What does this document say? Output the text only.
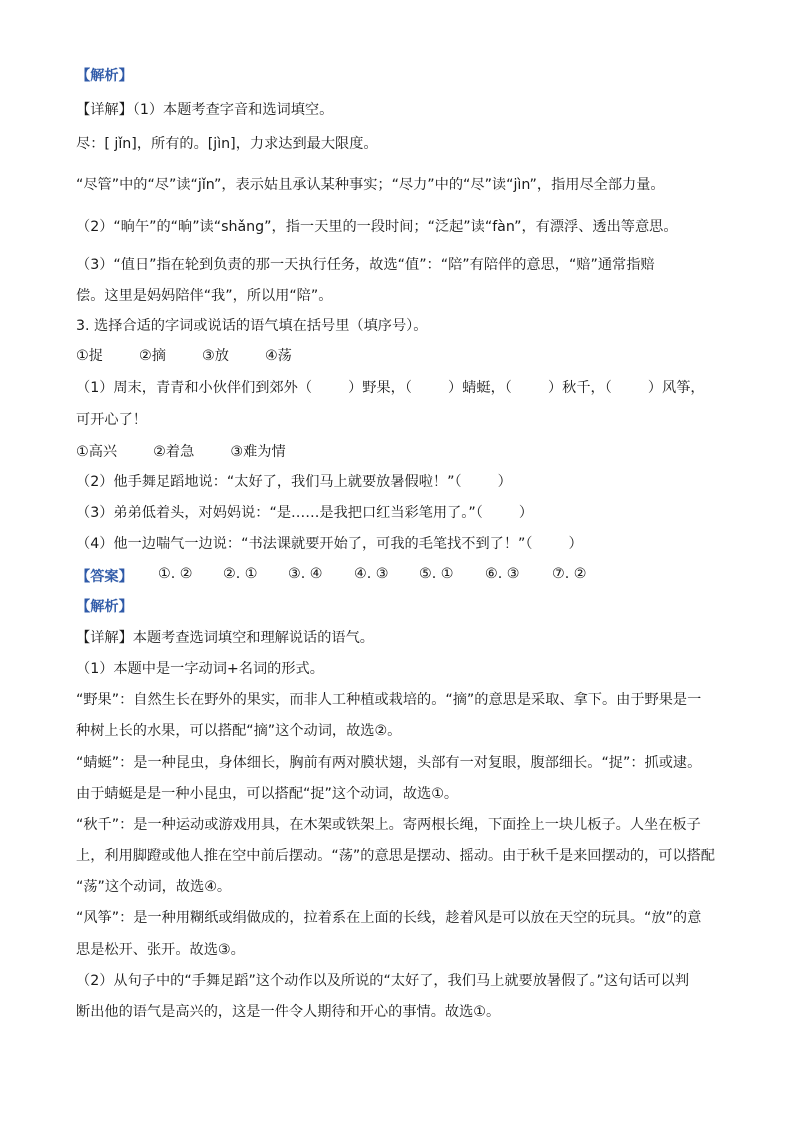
【解析】
【详解】（1）本题考查字音和选词填空。
尽：[ jǐn]，所有的。[jìn]，力求达到最大限度。
“尽管”中的“尽”读“jǐn”，表示姑且承认某种事实；“尽力”中的“尽”读“jìn”，指用尽全部力量。
（2）“晌午”的“晌”读“shǎng”，指一天里的一段时间；“泛起”读“fàn”，有漂浮、透出等意思。
（3）“值日”指在轮到负责的那一天执行任务，故选“值”：“陪”有陪伴的意思，“赔”通常指赔
偿。这里是妈妈陪伴“我”，所以用“陪”。
3. 选择合适的字词或说话的语气填在括号里（填序号）。
①捉        ②摘        ③放        ④荡
（1）周末，青青和小伙伴们到郊外（        ）野果，（        ）蜻蜓，（        ）秋千，（        ）风筝，
可开心了！
①高兴        ②着急        ③难为情
（2）他手舞足蹈地说：“太好了，我们马上就要放暑假啦！”（        ）
（3）弟弟低着头，对妈妈说：“是……是我把口红当彩笔用了。”（        ）
（4）他一边喘气一边说：“书法课就要开始了，可我的毛笔找不到了！”（        ）
【答案】 ①. ② ②. ① ③. ④ ④. ③ ⑤. ① ⑥. ③ ⑦. ②
【解析】
【详解】本题考查选词填空和理解说话的语气。
（1）本题中是一字动词+名词的形式。
“野果”：自然生长在野外的果实，而非人工种植或栽培的。“摘”的意思是采取、拿下。由于野果是一
种树上长的水果，可以搭配“摘”这个动词，故选②。
“蜻蜓”：是一种昆虫，身体细长，胸前有两对膜状翅，头部有一对复眼，腹部细长。“捉”：抓或逮。
由于蜻蜓是是一种小昆虫，可以搭配“捉”这个动词，故选①。
“秋千”：是一种运动或游戏用具，在木架或铁架上。寄两根长绳，下面拴上一块儿板子。人坐在板子
上，利用脚蹬或他人推在空中前后摆动。“荡”的意思是摆动、摇动。由于秋千是来回摆动的，可以搭配
“荡”这个动词，故选④。
“风筝”：是一种用糊纸或绢做成的，拉着系在上面的长线，趁着风是可以放在天空的玩具。“放”的意
思是松开、张开。故选③。
（2）从句子中的“手舞足蹈”这个动作以及所说的“太好了，我们马上就要放暑假了。”这句话可以判
断出他的语气是高兴的，这是一件令人期待和开心的事情。故选①。
